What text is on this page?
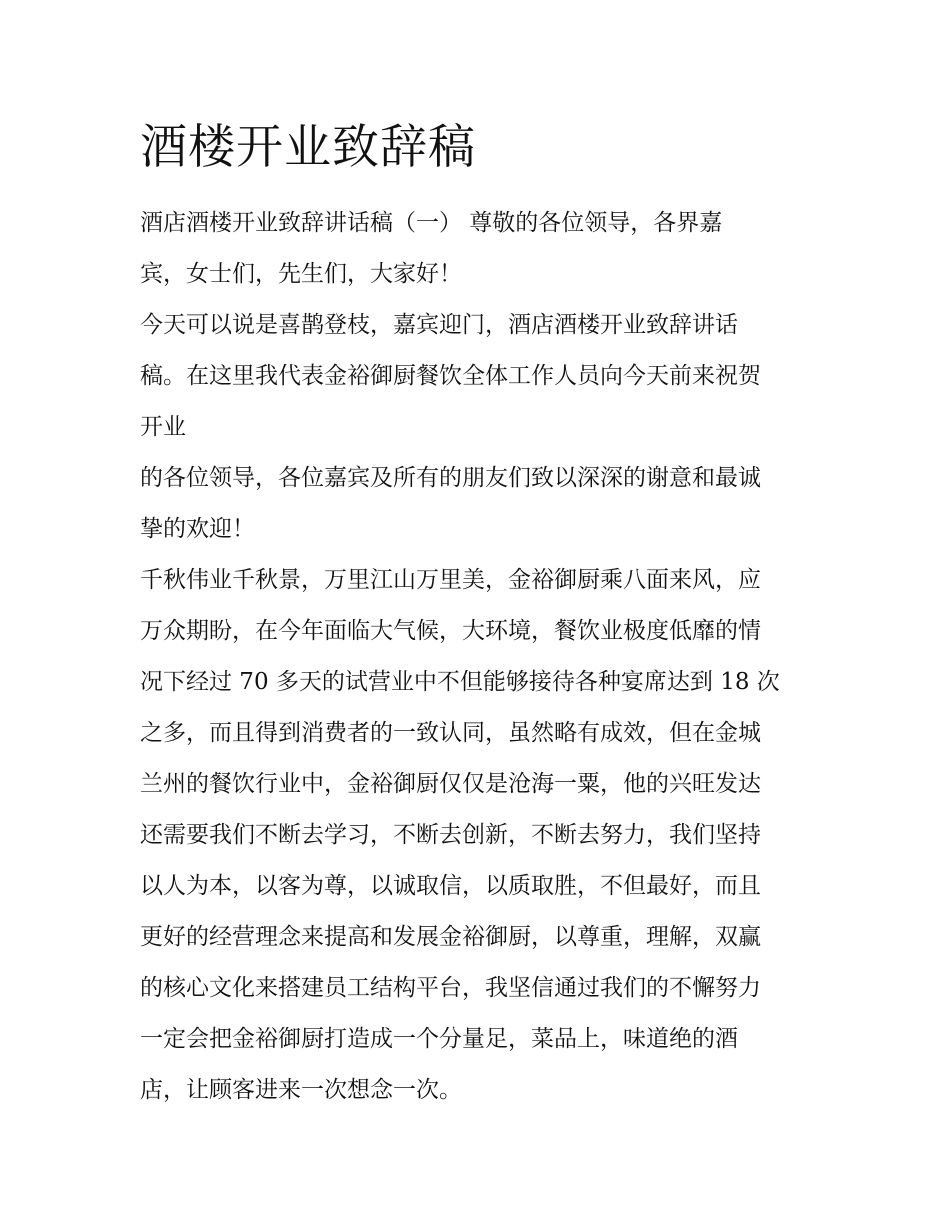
酒楼开业致辞稿
酒店酒楼开业致辞讲话稿（一） 尊敬的各位领导，各界嘉
宾，女士们，先生们，大家好！
今天可以说是喜鹊登枝，嘉宾迎门，酒店酒楼开业致辞讲话
稿。在这里我代表金裕御厨餐饮全体工作人员向今天前来祝贺
开业
的各位领导，各位嘉宾及所有的朋友们致以深深的谢意和最诚
挚的欢迎！
千秋伟业千秋景，万里江山万里美，金裕御厨乘八面来风，应
万众期盼，在今年面临大气候，大环境，餐饮业极度低靡的情
况下经过 70 多天的试营业中不但能够接待各种宴席达到 18 次
之多，而且得到消费者的一致认同，虽然略有成效，但在金城
兰州的餐饮行业中，金裕御厨仅仅是沧海一粟，他的兴旺发达
还需要我们不断去学习，不断去创新，不断去努力，我们坚持
以人为本，以客为尊，以诚取信，以质取胜，不但最好，而且
更好的经营理念来提高和发展金裕御厨，以尊重，理解，双赢
的核心文化来搭建员工结构平台，我坚信通过我们的不懈努力
一定会把金裕御厨打造成一个分量足，菜品上，味道绝的酒
店，让顾客进来一次想念一次。
